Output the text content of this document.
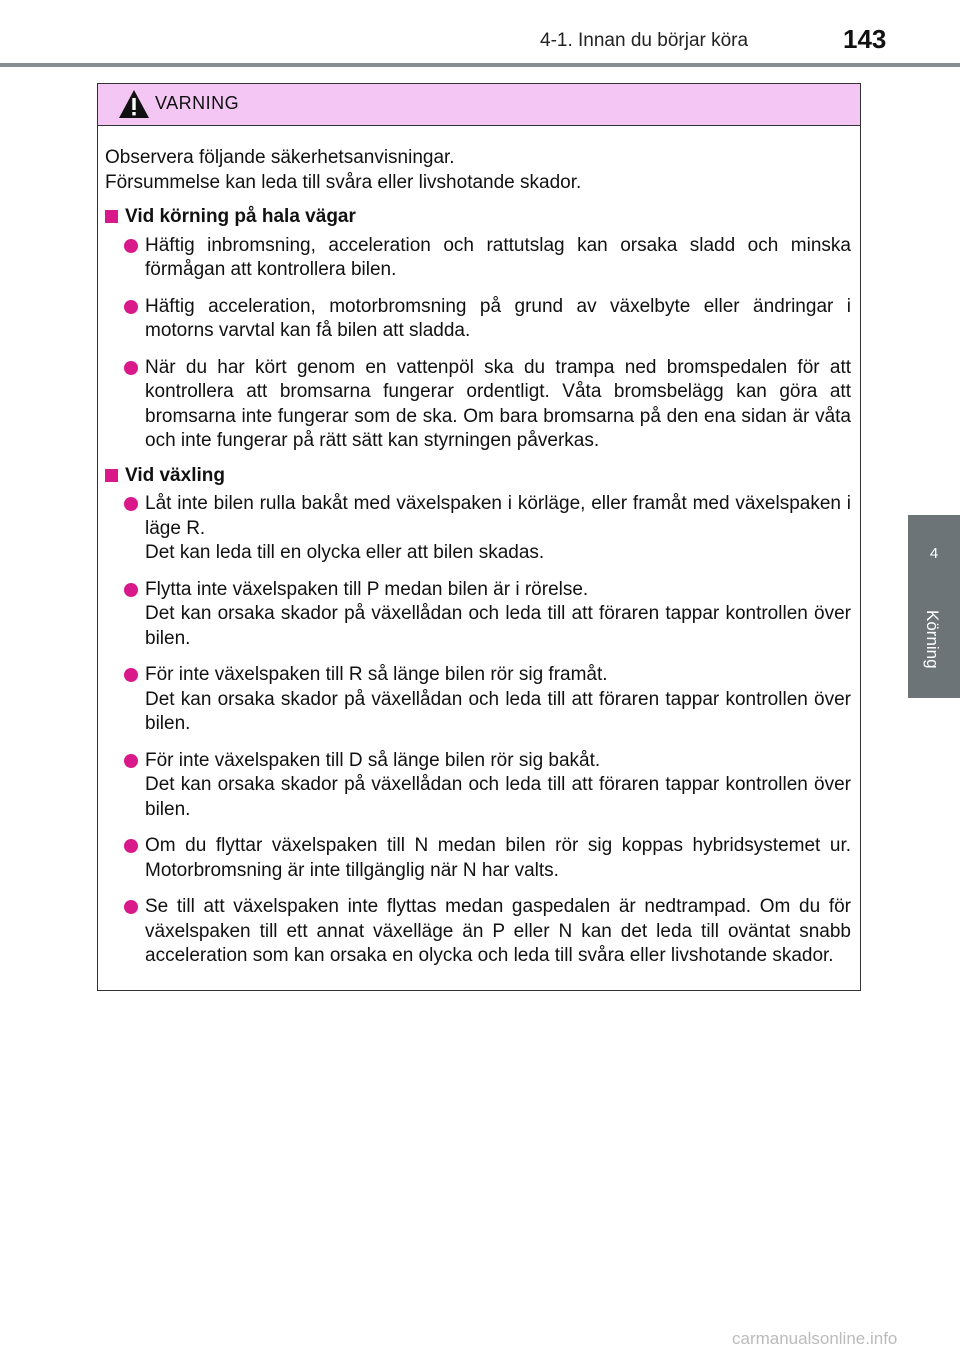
4-1. Innan du börjar köra	143
4
Körning
VARNING

Observera följande säkerhetsanvisningar.
Försummelse kan leda till svåra eller livshotande skador.

Vid körning på hala vägar

Häftig inbromsning, acceleration och rattutslag kan orsaka sladd och minska förmågan att kontrollera bilen.

Häftig acceleration, motorbromsning på grund av växelbyte eller ändringar i motorns varvtal kan få bilen att sladda.

När du har kört genom en vattenpöl ska du trampa ned bromspedalen för att kontrollera att bromsarna fungerar ordentligt. Våta bromsbelägg kan göra att bromsarna inte fungerar som de ska. Om bara bromsarna på den ena sidan är våta och inte fungerar på rätt sätt kan styrningen påverkas.

Vid växling

Låt inte bilen rulla bakåt med växelspaken i körläge, eller framåt med växelspaken i läge R.
Det kan leda till en olycka eller att bilen skadas.

Flytta inte växelspaken till P medan bilen är i rörelse.
Det kan orsaka skador på växellådan och leda till att föraren tappar kontrollen över bilen.

För inte växelspaken till R så länge bilen rör sig framåt.
Det kan orsaka skador på växellådan och leda till att föraren tappar kontrollen över bilen.

För inte växelspaken till D så länge bilen rör sig bakåt.
Det kan orsaka skador på växellådan och leda till att föraren tappar kontrollen över bilen.

Om du flyttar växelspaken till N medan bilen rör sig koppas hybridsystemet ur. Motorbromsning är inte tillgänglig när N har valts.

Se till att växelspaken inte flyttas medan gaspedalen är nedtrampad. Om du för växelspaken till ett annat växelläge än P eller N kan det leda till oväntat snabb acceleration som kan orsaka en olycka och leda till svåra eller livshotande skador.

carmanualsonline.info
